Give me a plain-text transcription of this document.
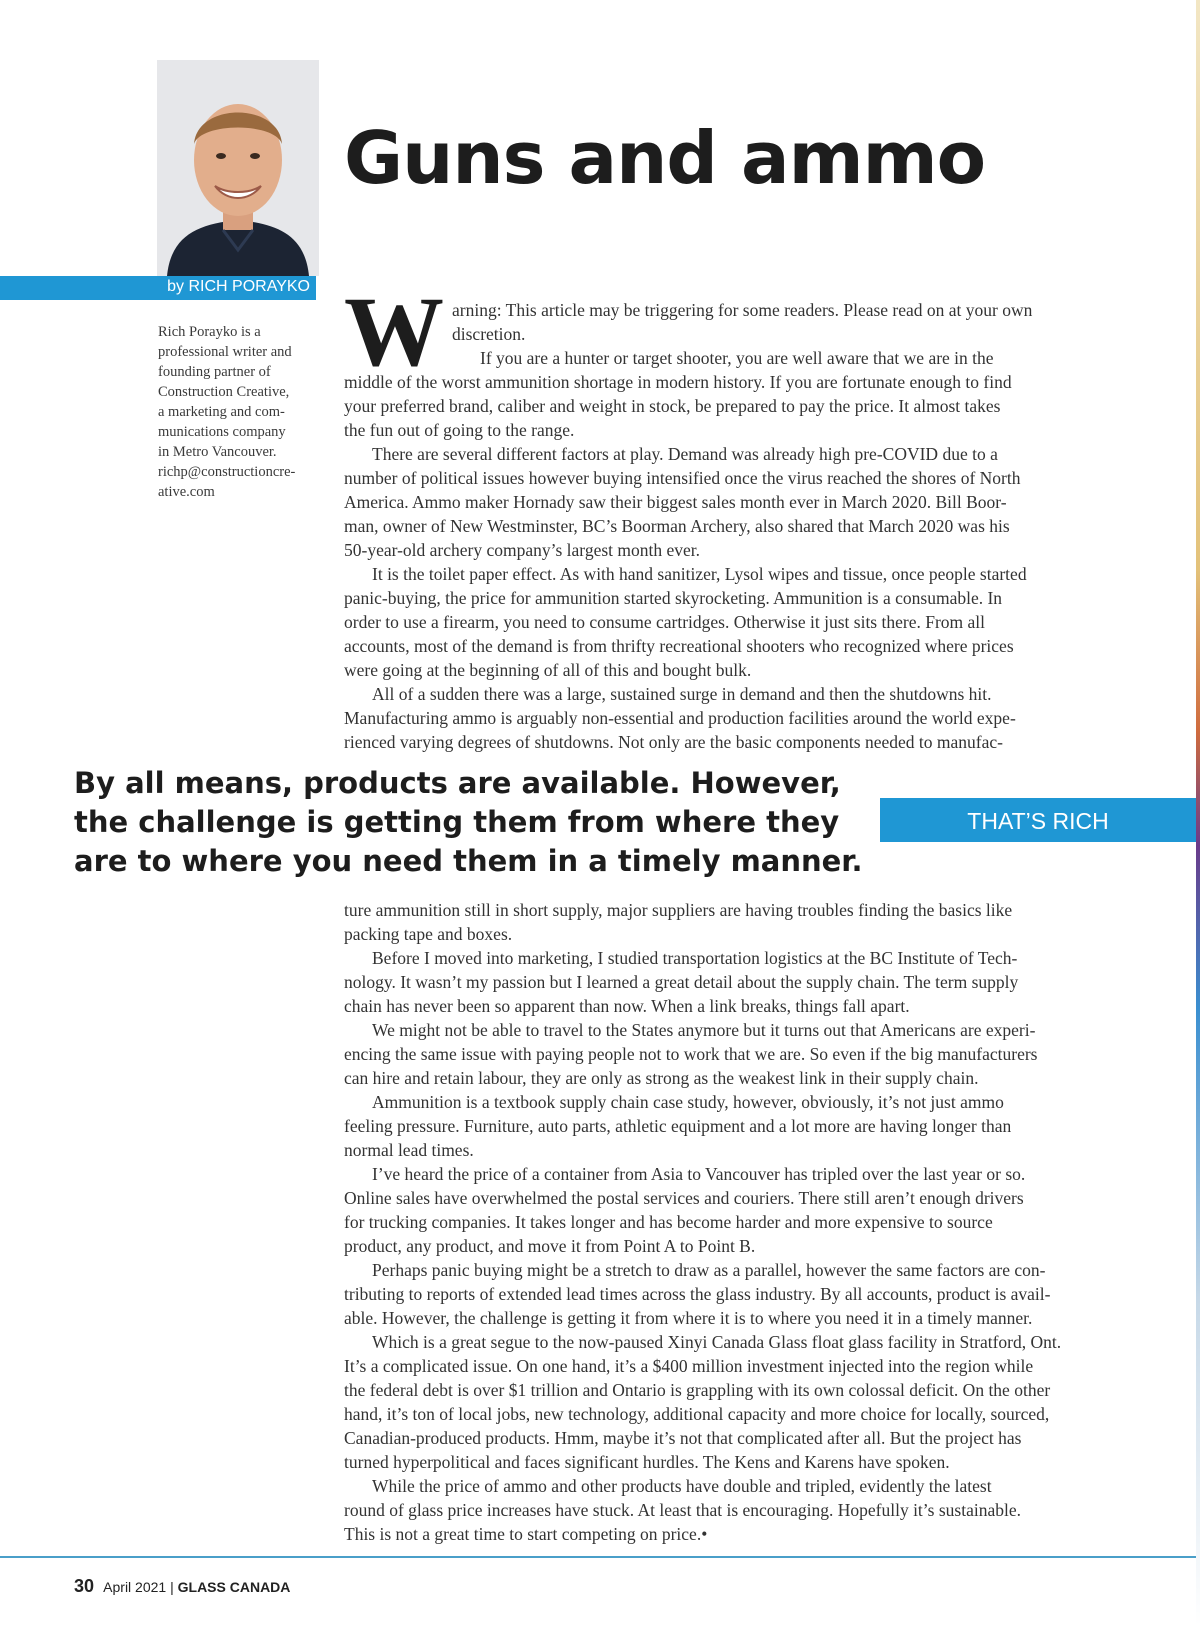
by RICH PORAYKO
Rich Porayko is a
professional writer and
founding partner of
Construction Creative,
a marketing and com-
munications company
in Metro Vancouver.
richp@constructioncre-
ative.com
Guns and ammo
W arning: This article may be triggering for some readers. Please read on at your own
discretion.
If you are a hunter or target shooter, you are well aware that we are in the
middle of the worst ammunition shortage in modern history. If you are fortunate enough to find
your preferred brand, caliber and weight in stock, be prepared to pay the price. It almost takes
the fun out of going to the range.
There are several different factors at play. Demand was already high pre-COVID due to a
number of political issues however buying intensified once the virus reached the shores of North
America. Ammo maker Hornady saw their biggest sales month ever in March 2020. Bill Boor-
man, owner of New Westminster, BC’s Boorman Archery, also shared that March 2020 was his
50-year-old archery company’s largest month ever.
It is the toilet paper effect. As with hand sanitizer, Lysol wipes and tissue, once people started
panic-buying, the price for ammunition started skyrocketing. Ammunition is a consumable. In
order to use a firearm, you need to consume cartridges. Otherwise it just sits there. From all
accounts, most of the demand is from thrifty recreational shooters who recognized where prices
were going at the beginning of all of this and bought bulk.
All of a sudden there was a large, sustained surge in demand and then the shutdowns hit.
Manufacturing ammo is arguably non-essential and production facilities around the world expe-
rienced varying degrees of shutdowns. Not only are the basic components needed to manufac-
By all means, products are available. However,
the challenge is getting them from where they
are to where you need them in a timely manner.
THAT’S RICH
ture ammunition still in short supply, major suppliers are having troubles finding the basics like
packing tape and boxes.
Before I moved into marketing, I studied transportation logistics at the BC Institute of Tech-
nology. It wasn’t my passion but I learned a great detail about the supply chain. The term supply
chain has never been so apparent than now. When a link breaks, things fall apart.
We might not be able to travel to the States anymore but it turns out that Americans are experi-
encing the same issue with paying people not to work that we are. So even if the big manufacturers
can hire and retain labour, they are only as strong as the weakest link in their supply chain.
Ammunition is a textbook supply chain case study, however, obviously, it’s not just ammo
feeling pressure. Furniture, auto parts, athletic equipment and a lot more are having longer than
normal lead times.
I’ve heard the price of a container from Asia to Vancouver has tripled over the last year or so.
Online sales have overwhelmed the postal services and couriers. There still aren’t enough drivers
for trucking companies. It takes longer and has become harder and more expensive to source
product, any product, and move it from Point A to Point B.
Perhaps panic buying might be a stretch to draw as a parallel, however the same factors are con-
tributing to reports of extended lead times across the glass industry. By all accounts, product is avail-
able. However, the challenge is getting it from where it is to where you need it in a timely manner.
Which is a great segue to the now-paused Xinyi Canada Glass float glass facility in Stratford, Ont.
It’s a complicated issue. On one hand, it’s a $400 million investment injected into the region while
the federal debt is over $1 trillion and Ontario is grappling with its own colossal deficit. On the other
hand, it’s ton of local jobs, new technology, additional capacity and more choice for locally, sourced,
Canadian-produced products. Hmm, maybe it’s not that complicated after all. But the project has
turned hyperpolitical and faces significant hurdles. The Kens and Karens have spoken.
While the price of ammo and other products have double and tripled, evidently the latest
round of glass price increases have stuck. At least that is encouraging. Hopefully it’s sustainable.
This is not a great time to start competing on price.•
30 April 2021 | GLASS CANADA
